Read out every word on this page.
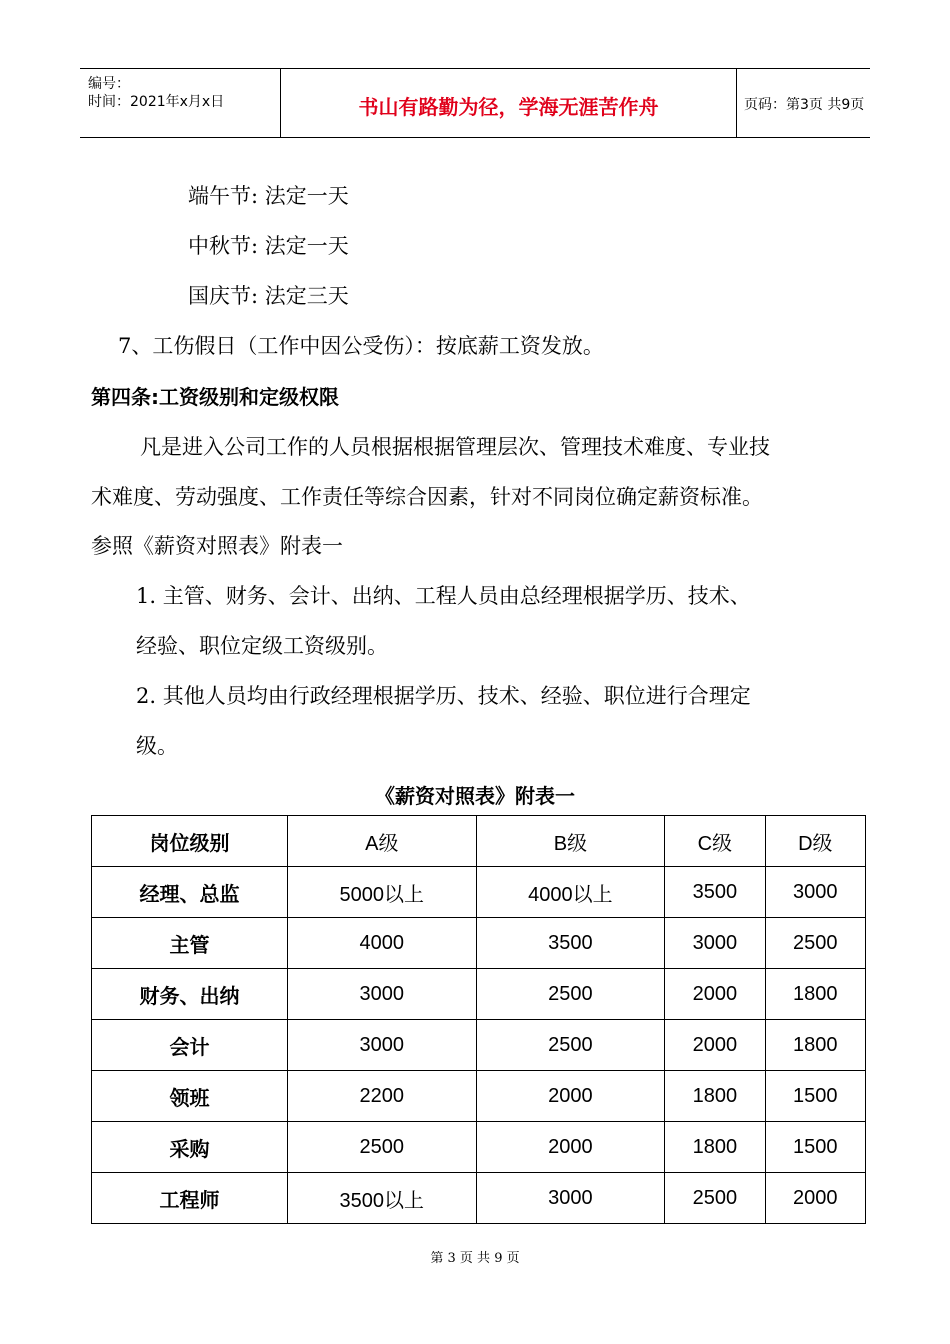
编号：
时间：2021年x月x日	书山有路勤为径，学海无涯苦作舟	页码：第3页 共9页
端午节: 法定一天
中秋节: 法定一天
国庆节: 法定三天
7、工伤假日（工作中因公受伤）：按底薪工资发放。
第四条:工资级别和定级权限
凡是进入公司工作的人员根据根据管理层次、管理技术难度、专业技
术难度、劳动强度、工作责任等综合因素，针对不同岗位确定薪资标准。
参照《薪资对照表》附表一
1. 主管、财务、会计、出纳、工程人员由总经理根据学历、技术、
经验、职位定级工资级别。
2. 其他人员均由行政经理根据学历、技术、经验、职位进行合理定
级。
《薪资对照表》附表一
岗位级别	A级	B级	C级	D级
经理、总监	5000以上	4000以上	3500	3000
主管	4000	3500	3000	2500
财务、出纳	3000	2500	2000	1800
会计	3000	2500	2000	1800
领班	2200	2000	1800	1500
采购	2500	2000	1800	1500
工程师	3500以上	3000	2500	2000
第 3 页 共 9 页
